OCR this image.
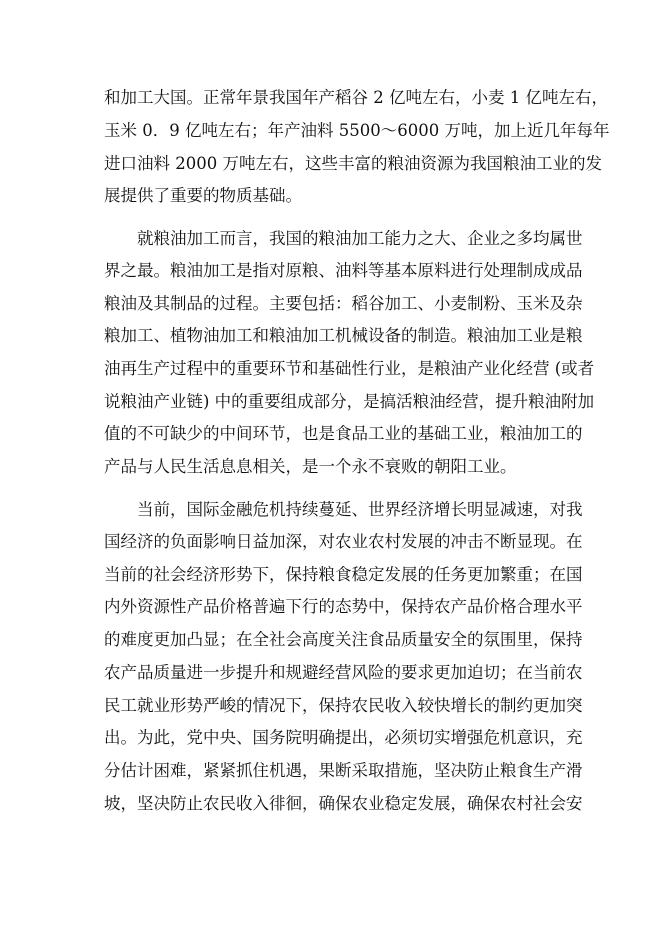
和加工大国。正常年景我国年产稻谷 2 亿吨左右，小麦 1 亿吨左右，
玉米 0．9 亿吨左右；年产油料 5500～6000 万吨，加上近几年每年
进口油料 2000 万吨左右，这些丰富的粮油资源为我国粮油工业的发
展提供了重要的物质基础。
就粮油加工而言，我国的粮油加工能力之大、企业之多均属世
界之最。粮油加工是指对原粮、油料等基本原料进行处理制成成品
粮油及其制品的过程。主要包括：稻谷加工、小麦制粉、玉米及杂
粮加工、植物油加工和粮油加工机械设备的制造。粮油加工业是粮
油再生产过程中的重要环节和基础性行业，是粮油产业化经营 (或者
说粮油产业链) 中的重要组成部分，是搞活粮油经营，提升粮油附加
值的不可缺少的中间环节，也是食品工业的基础工业，粮油加工的
产品与人民生活息息相关，是一个永不衰败的朝阳工业。
当前，国际金融危机持续蔓延、世界经济增长明显减速，对我
国经济的负面影响日益加深，对农业农村发展的冲击不断显现。在
当前的社会经济形势下，保持粮食稳定发展的任务更加繁重；在国
内外资源性产品价格普遍下行的态势中，保持农产品价格合理水平
的难度更加凸显；在全社会高度关注食品质量安全的氛围里，保持
农产品质量进一步提升和规避经营风险的要求更加迫切；在当前农
民工就业形势严峻的情况下，保持农民收入较快增长的制约更加突
出。为此，党中央、国务院明确提出，必须切实增强危机意识，充
分估计困难，紧紧抓住机遇，果断采取措施，坚决防止粮食生产滑
坡，坚决防止农民收入徘徊，确保农业稳定发展，确保农村社会安
